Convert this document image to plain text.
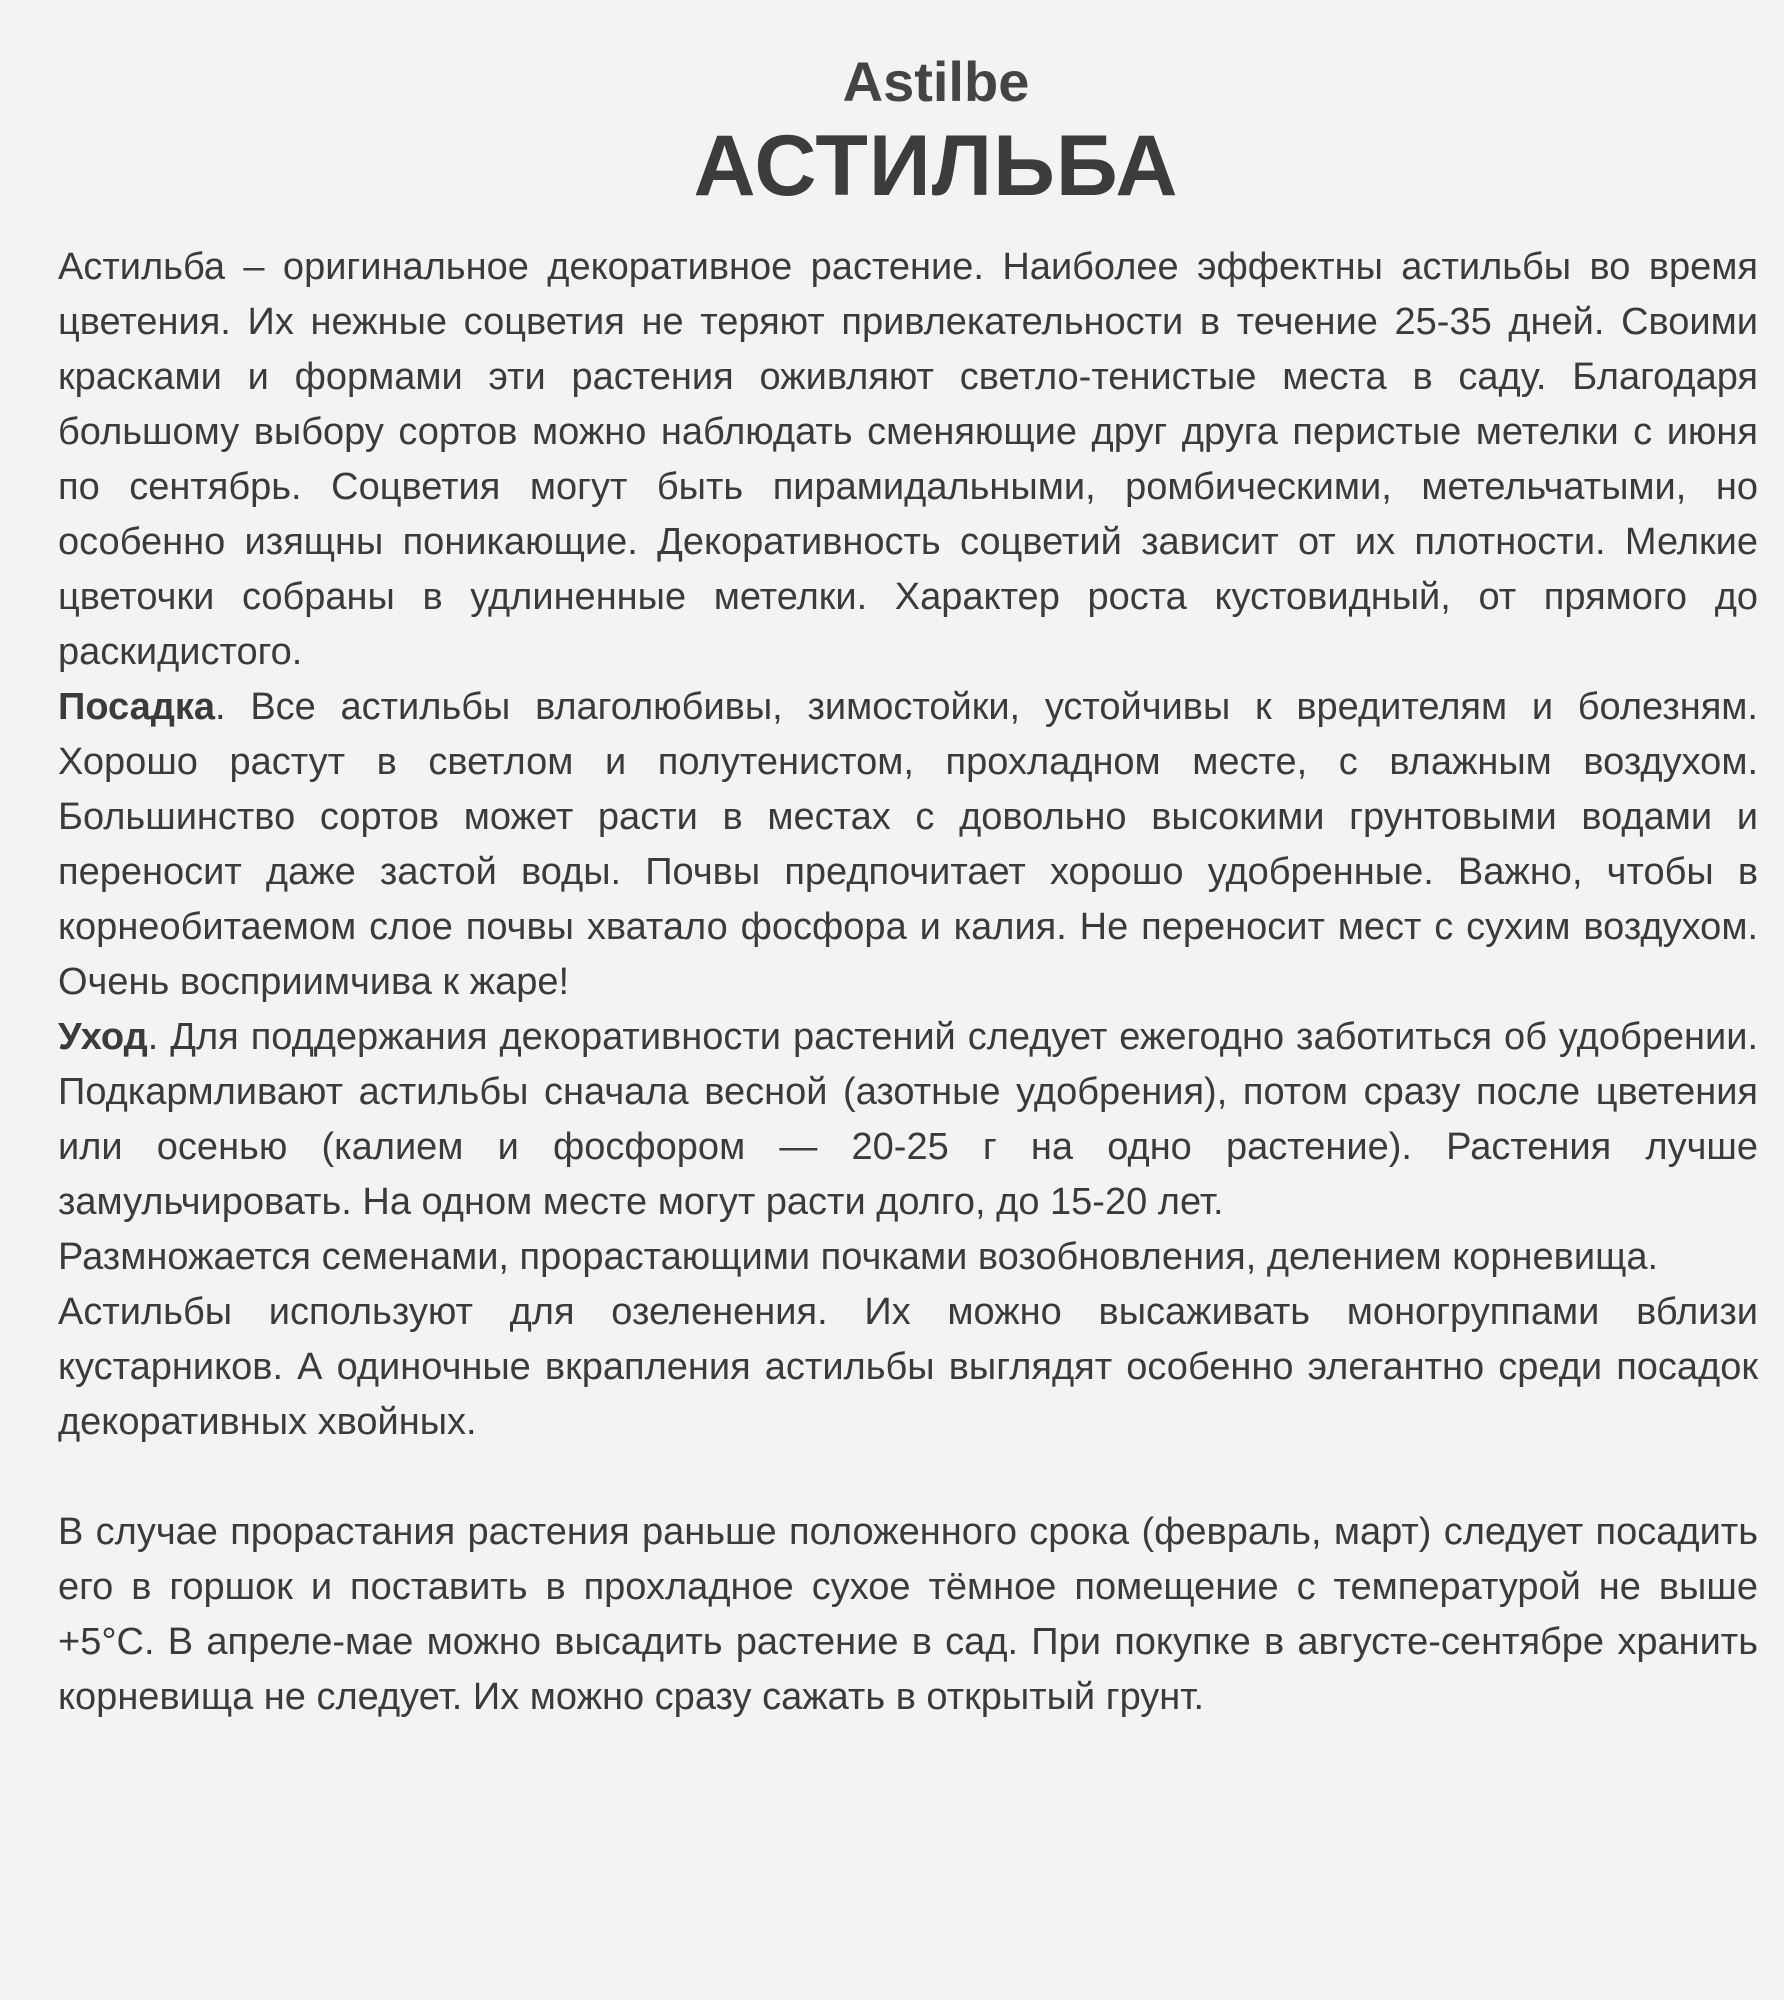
Astilbe
АСТИЛЬБА

Астильба – оригинальное декоративное растение. Наиболее эффектны астильбы во время цветения. Их нежные соцветия не теряют привлекательности в течение 25-35 дней. Своими красками и формами эти растения оживляют светло-тенистые места в саду. Благодаря большому выбору сортов можно наблюдать сменяющие друг друга перистые метелки с июня по сентябрь. Соцветия могут быть пирамидальными, ромбическими, метельчатыми, но особенно изящны поникающие. Декоративность соцветий зависит от их плотности. Мелкие цветочки собраны в удлиненные метелки. Характер роста кустовидный, от прямого до раскидистого.

Посадка. Все астильбы влаголюбивы, зимостойки, устойчивы к вредителям и болезням. Хорошо растут в светлом и полутенистом, прохладном месте, с влажным воздухом. Большинство сортов может расти в местах с довольно высокими грунтовыми водами и переносит даже застой воды. Почвы предпочитает хорошо удобренные. Важно, чтобы в корнеобитаемом слое почвы хватало фосфора и калия. Не переносит мест с сухим воздухом. Очень восприимчива к жаре!

Уход. Для поддержания декоративности растений следует ежегодно заботиться об удобрении. Подкармливают астильбы сначала весной (азотные удобрения), потом сразу после цветения или осенью (калием и фосфором — 20-25 г на одно растение). Растения лучше замульчировать. На одном месте могут расти долго, до 15-20 лет.

Размножается семенами, прорастающими почками возобновления, делением корневища.

Астильбы используют для озеленения. Их можно высаживать моногруппами вблизи кустарников. А одиночные вкрапления астильбы выглядят особенно элегантно среди посадок декоративных хвойных.

В случае прорастания растения раньше положенного срока (февраль, март) следует посадить его в горшок и поставить в прохладное сухое тёмное помещение с температурой не выше +5°С. В апреле-мае можно высадить растение в сад. При покупке в августе-сентябре хранить корневища не следует. Их можно сразу сажать в открытый грунт.
